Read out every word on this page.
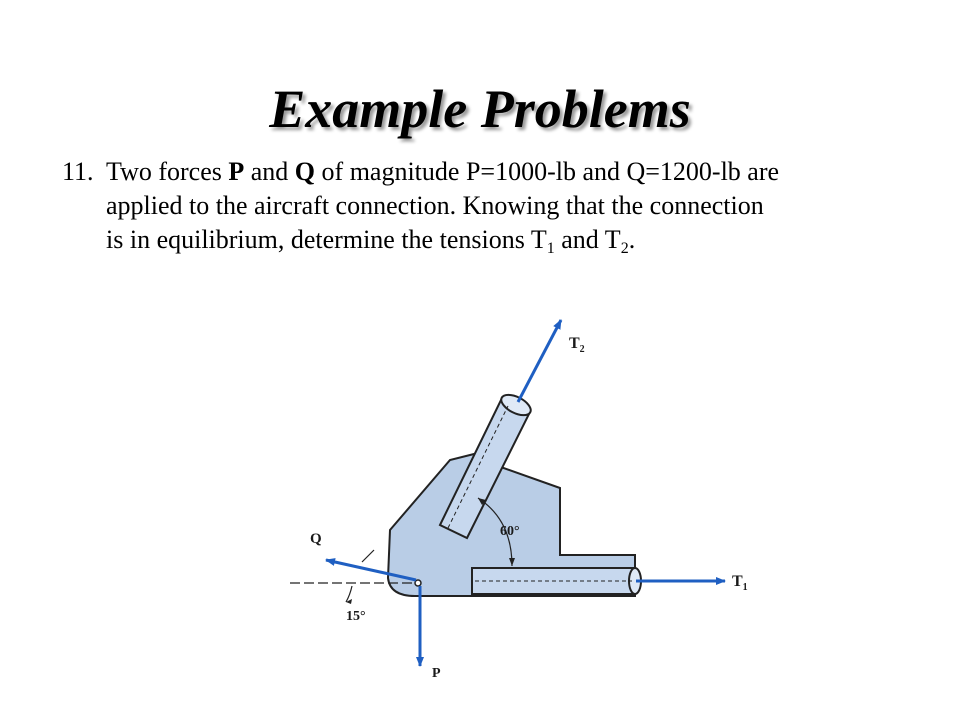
Example Problems
11. Two forces P and Q of magnitude P=1000-lb and Q=1200-lb are applied to the aircraft connection. Knowing that the connection is in equilibrium, determine the tensions $T_1$ and $T_2$.
$T_2$
$T_1$
Q
P
60°
15°
